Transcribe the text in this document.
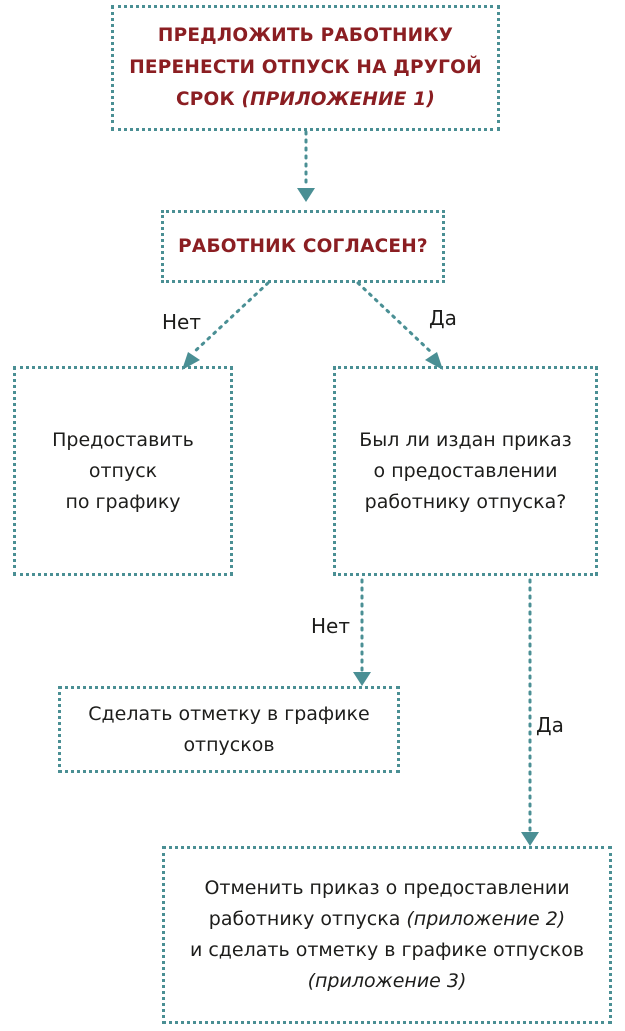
ПРЕДЛОЖИТЬ РАБОТНИКУ
ПЕРЕНЕСТИ ОТПУСК НА ДРУГОЙ
СРОК (ПРИЛОЖЕНИЕ 1)
РАБОТНИК СОГЛАСЕН?
Нет	Да
Предоставить
отпуск
по графику
Был ли издан приказ
о предоставлении
работнику отпуска?
Нет
Да
Сделать отметку в графике
отпусков
Отменить приказ о предоставлении
работнику отпуска (приложение 2)
и сделать отметку в графике отпусков
(приложение 3)
